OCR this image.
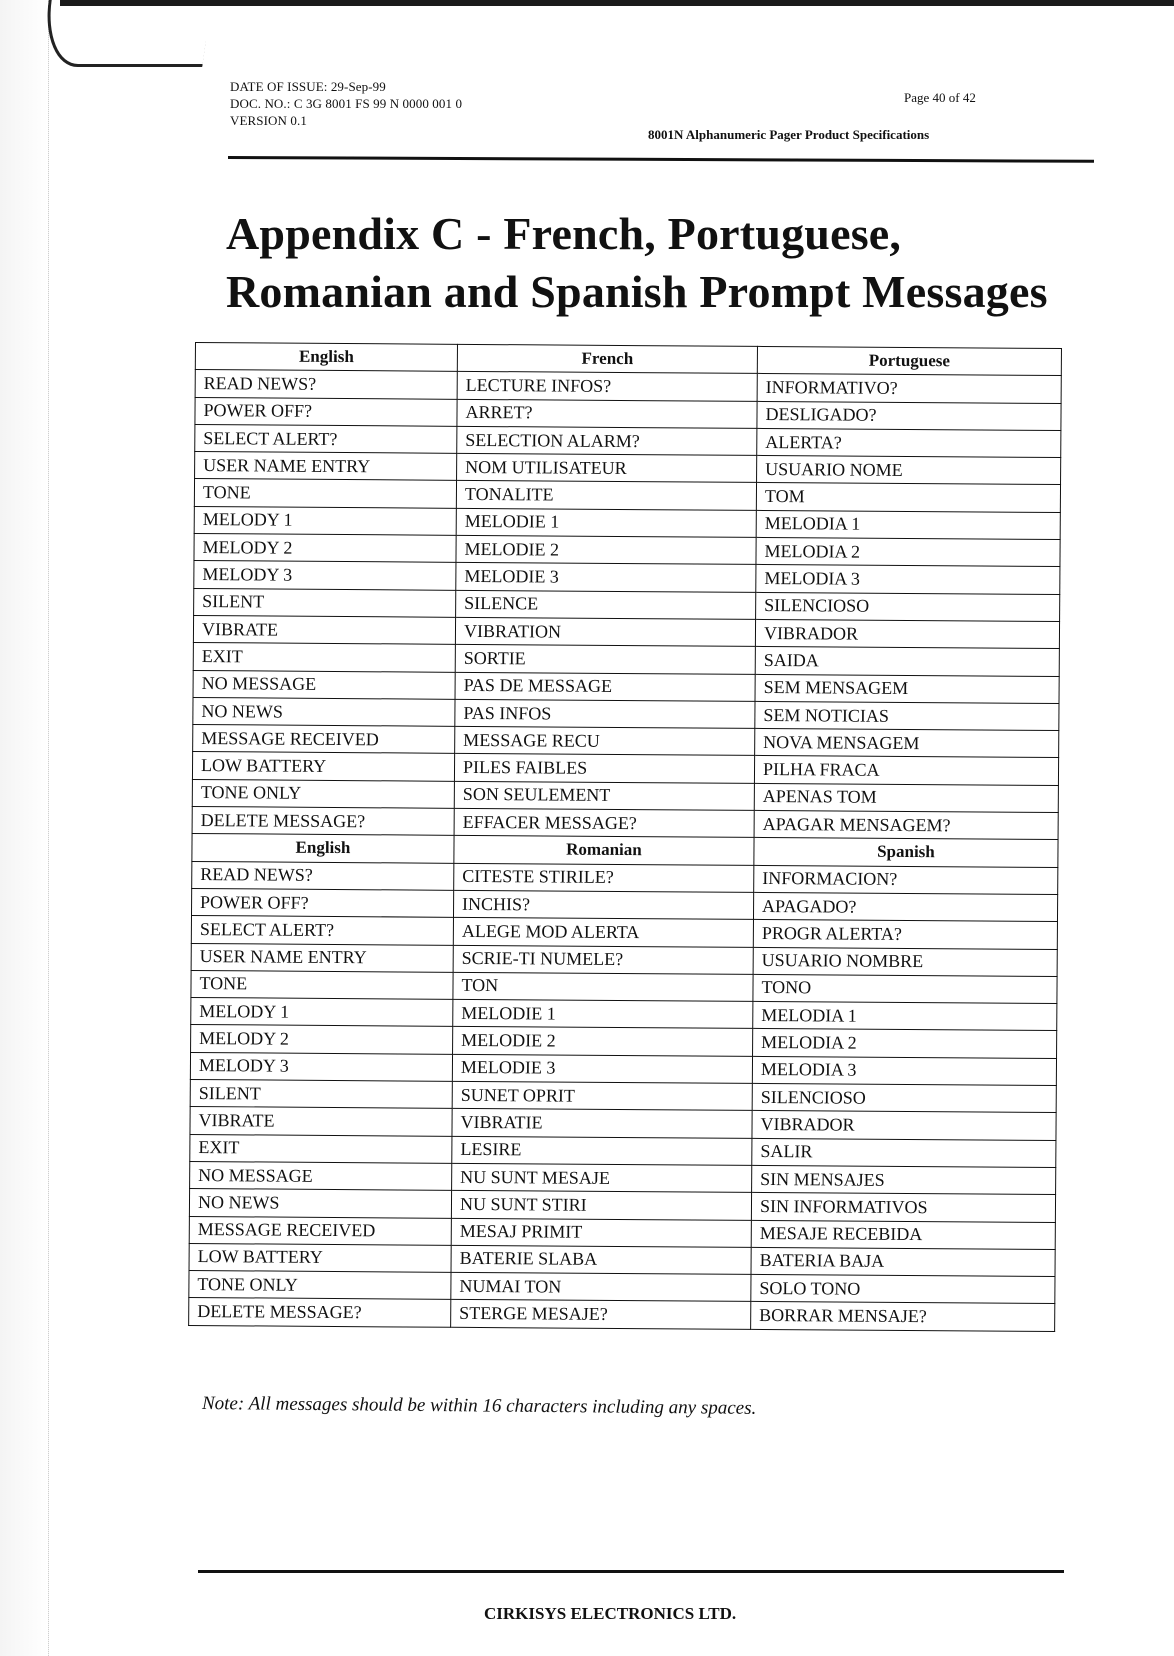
DATE OF ISSUE: 29-Sep-99
DOC. NO.: C 3G 8001 FS 99 N 0000 001 0
VERSION 0.1
Page 40 of 42
8001N Alphanumeric Pager Product Specifications
Appendix C - French, Portuguese,
Romanian and Spanish Prompt Messages
English	French	Portuguese
READ NEWS?	LECTURE INFOS?	INFORMATIVO?
POWER OFF?	ARRET?	DESLIGADO?
SELECT ALERT?	SELECTION ALARM?	ALERTA?
USER NAME ENTRY	NOM UTILISATEUR	USUARIO NOME
TONE	TONALITE	TOM
MELODY 1	MELODIE 1	MELODIA 1
MELODY 2	MELODIE 2	MELODIA 2
MELODY 3	MELODIE 3	MELODIA 3
SILENT	SILENCE	SILENCIOSO
VIBRATE	VIBRATION	VIBRADOR
EXIT	SORTIE	SAIDA
NO MESSAGE	PAS DE MESSAGE	SEM MENSAGEM
NO NEWS	PAS INFOS	SEM NOTICIAS
MESSAGE RECEIVED	MESSAGE RECU	NOVA MENSAGEM
LOW BATTERY	PILES FAIBLES	PILHA FRACA
TONE ONLY	SON SEULEMENT	APENAS TOM
DELETE MESSAGE?	EFFACER MESSAGE?	APAGAR MENSAGEM?
English	Romanian	Spanish
READ NEWS?	CITESTE STIRILE?	INFORMACION?
POWER OFF?	INCHIS?	APAGADO?
SELECT ALERT?	ALEGE MOD ALERTA	PROGR ALERTA?
USER NAME ENTRY	SCRIE-TI NUMELE?	USUARIO NOMBRE
TONE	TON	TONO
MELODY 1	MELODIE 1	MELODIA 1
MELODY 2	MELODIE 2	MELODIA 2
MELODY 3	MELODIE 3	MELODIA 3
SILENT	SUNET OPRIT	SILENCIOSO
VIBRATE	VIBRATIE	VIBRADOR
EXIT	LESIRE	SALIR
NO MESSAGE	NU SUNT MESAJE	SIN MENSAJES
NO NEWS	NU SUNT STIRI	SIN INFORMATIVOS
MESSAGE RECEIVED	MESAJ PRIMIT	MESAJE RECEBIDA
LOW BATTERY	BATERIE SLABA	BATERIA BAJA
TONE ONLY	NUMAI TON	SOLO TONO
DELETE MESSAGE?	STERGE MESAJE?	BORRAR MENSAJE?
Note: All messages should be within 16 characters including any spaces.
CIRKISYS ELECTRONICS LTD.
